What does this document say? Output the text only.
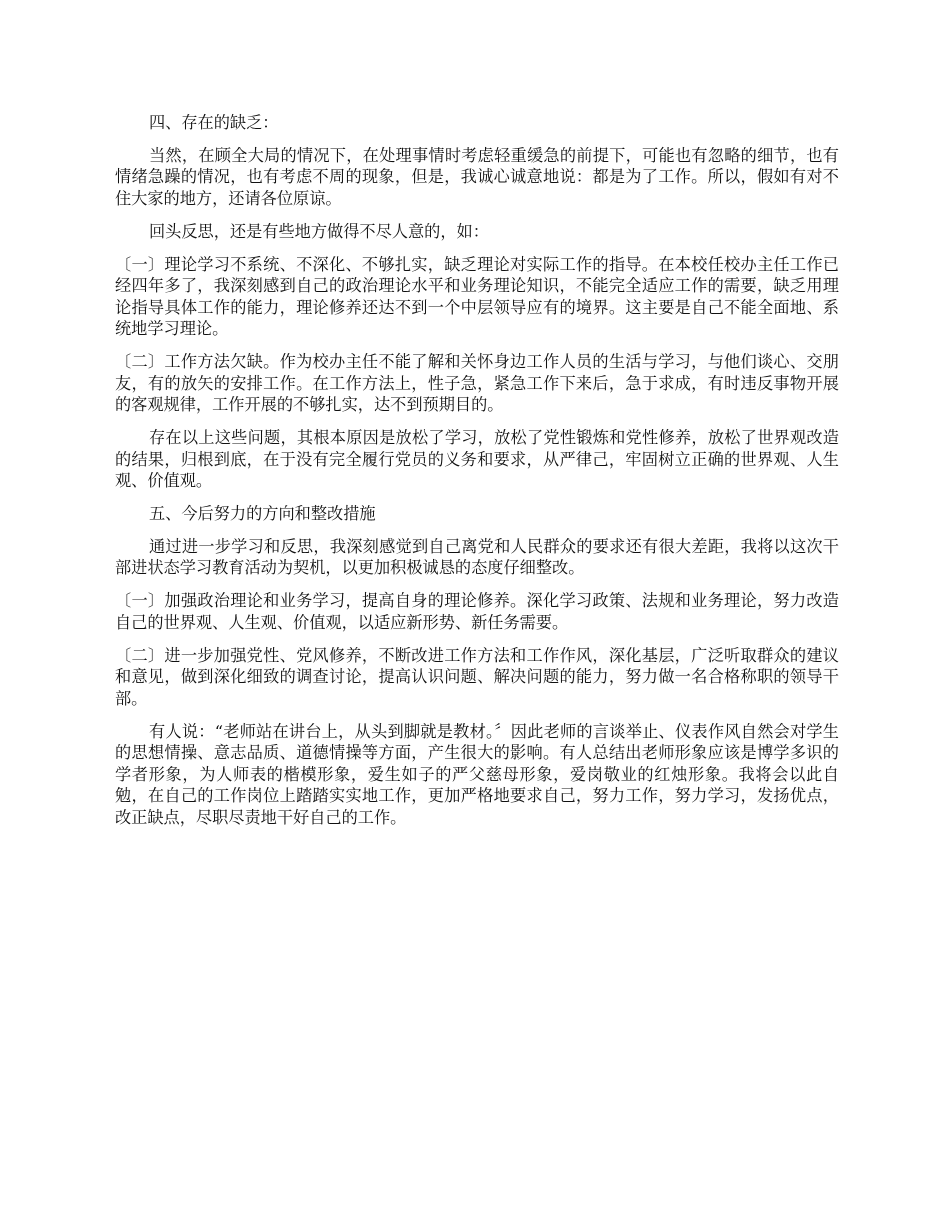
四、存在的缺乏：

当然，在顾全大局的情况下，在处理事情时考虑轻重缓急的前提下，可能也有忽略的细节，也有情绪急躁的情况，也有考虑不周的现象，但是，我诚心诚意地说：都是为了工作。所以，假如有对不住大家的地方，还请各位原谅。

回头反思，还是有些地方做得不尽人意的，如：

〔一〕理论学习不系统、不深化、不够扎实，缺乏理论对实际工作的指导。在本校任校办主任工作已经四年多了，我深刻感到自己的政治理论水平和业务理论知识，不能完全适应工作的需要，缺乏用理论指导具体工作的能力，理论修养还达不到一个中层领导应有的境界。这主要是自己不能全面地、系统地学习理论。

〔二〕工作方法欠缺。作为校办主任不能了解和关怀身边工作人员的生活与学习，与他们谈心、交朋友，有的放矢的安排工作。在工作方法上，性子急，紧急工作下来后，急于求成，有时违反事物开展的客观规律，工作开展的不够扎实，达不到预期目的。

存在以上这些问题，其根本原因是放松了学习，放松了党性锻炼和党性修养，放松了世界观改造的结果，归根到底，在于没有完全履行党员的义务和要求，从严律己，牢固树立正确的世界观、人生观、价值观。

五、今后努力的方向和整改措施

通过进一步学习和反思，我深刻感觉到自己离党和人民群众的要求还有很大差距，我将以这次干部进状态学习教育活动为契机，以更加积极诚恳的态度仔细整改。

〔一〕加强政治理论和业务学习，提高自身的理论修养。深化学习政策、法规和业务理论，努力改造自己的世界观、人生观、价值观，以适应新形势、新任务需要。

〔二〕进一步加强党性、党风修养，不断改进工作方法和工作作风，深化基层，广泛听取群众的建议和意见，做到深化细致的调查讨论，提高认识问题、解决问题的能力，努力做一名合格称职的领导干部。

有人说：“老师站在讲台上，从头到脚就是教材。〞因此老师的言谈举止、仪表作风自然会对学生的思想情操、意志品质、道德情操等方面，产生很大的影响。有人总结出老师形象应该是博学多识的学者形象，为人师表的楷模形象，爱生如子的严父慈母形象，爱岗敬业的红烛形象。我将会以此自勉，在自己的工作岗位上踏踏实实地工作，更加严格地要求自己，努力工作，努力学习，发扬优点，改正缺点，尽职尽责地干好自己的工作。
